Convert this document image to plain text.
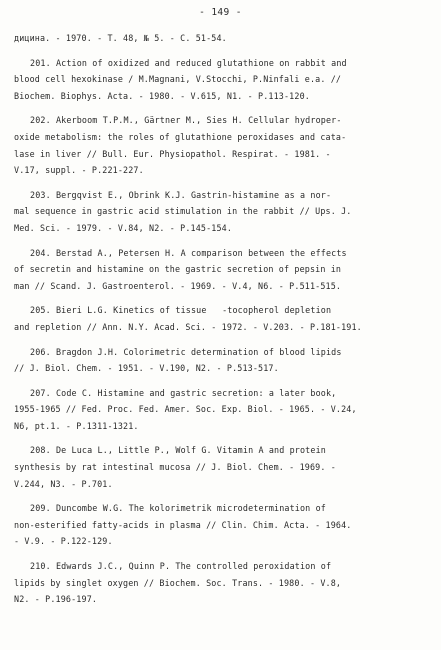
- 149 -
дицина. - 1970. - Т. 48, № 5. - С. 51-54.
201. Action of oxidized and reduced glutathione on rabbit and
blood cell hexokinase / M.Magnani, V.Stocchi, P.Ninfali e.a. //
Biochem. Biophys. Acta. - 1980. - V.615, N1. - P.113-120.
202. Akerboom T.P.M., Gärtner M., Sies H. Cellular hydroper-
oxide metabolism: the roles of glutathione peroxidases and cata-
lase in liver // Bull. Eur. Physiopathol. Respirat. - 1981. -
V.17, suppl. - P.221-227.
203. Bergqvist E., Obrink K.J. Gastrin-histamine as a nor-
mal sequence in gastric acid stimulation in the rabbit // Ups. J.
Med. Sci. - 1979. - V.84, N2. - P.145-154.
204. Berstad A., Petersen H. A comparison between the effects
of secretin and histamine on the gastric secretion of pepsin in
man // Scand. J. Gastroenterol. - 1969. - V.4, N6. - P.511-515.
205. Bieri L.G. Kinetics of tissue   -tocopherol depletion
and repletion // Ann. N.Y. Acad. Sci. - 1972. - V.203. - P.181-191.
206. Bragdon J.H. Colorimetric determination of blood lipids
// J. Biol. Chem. - 1951. - V.190, N2. - P.513-517.
207. Code C. Histamine and gastric secretion: a later book,
1955-1965 // Fed. Proc. Fed. Amer. Soc. Exp. Biol. - 1965. - V.24,
N6, pt.1. - P.1311-1321.
208. De Luca L., Little P., Wolf G. Vitamin A and protein
synthesis by rat intestinal mucosa // J. Biol. Chem. - 1969. -
V.244, N3. - P.701.
209. Duncombe W.G. The kolorimetrik microdetermination of
non-esterified fatty-acids in plasma // Clin. Chim. Acta. - 1964.
- V.9. - P.122-129.
210. Edwards J.C., Quinn P. The controlled peroxidation of
lipids by singlet oxygen // Biochem. Soc. Trans. - 1980. - V.8,
N2. - P.196-197.
